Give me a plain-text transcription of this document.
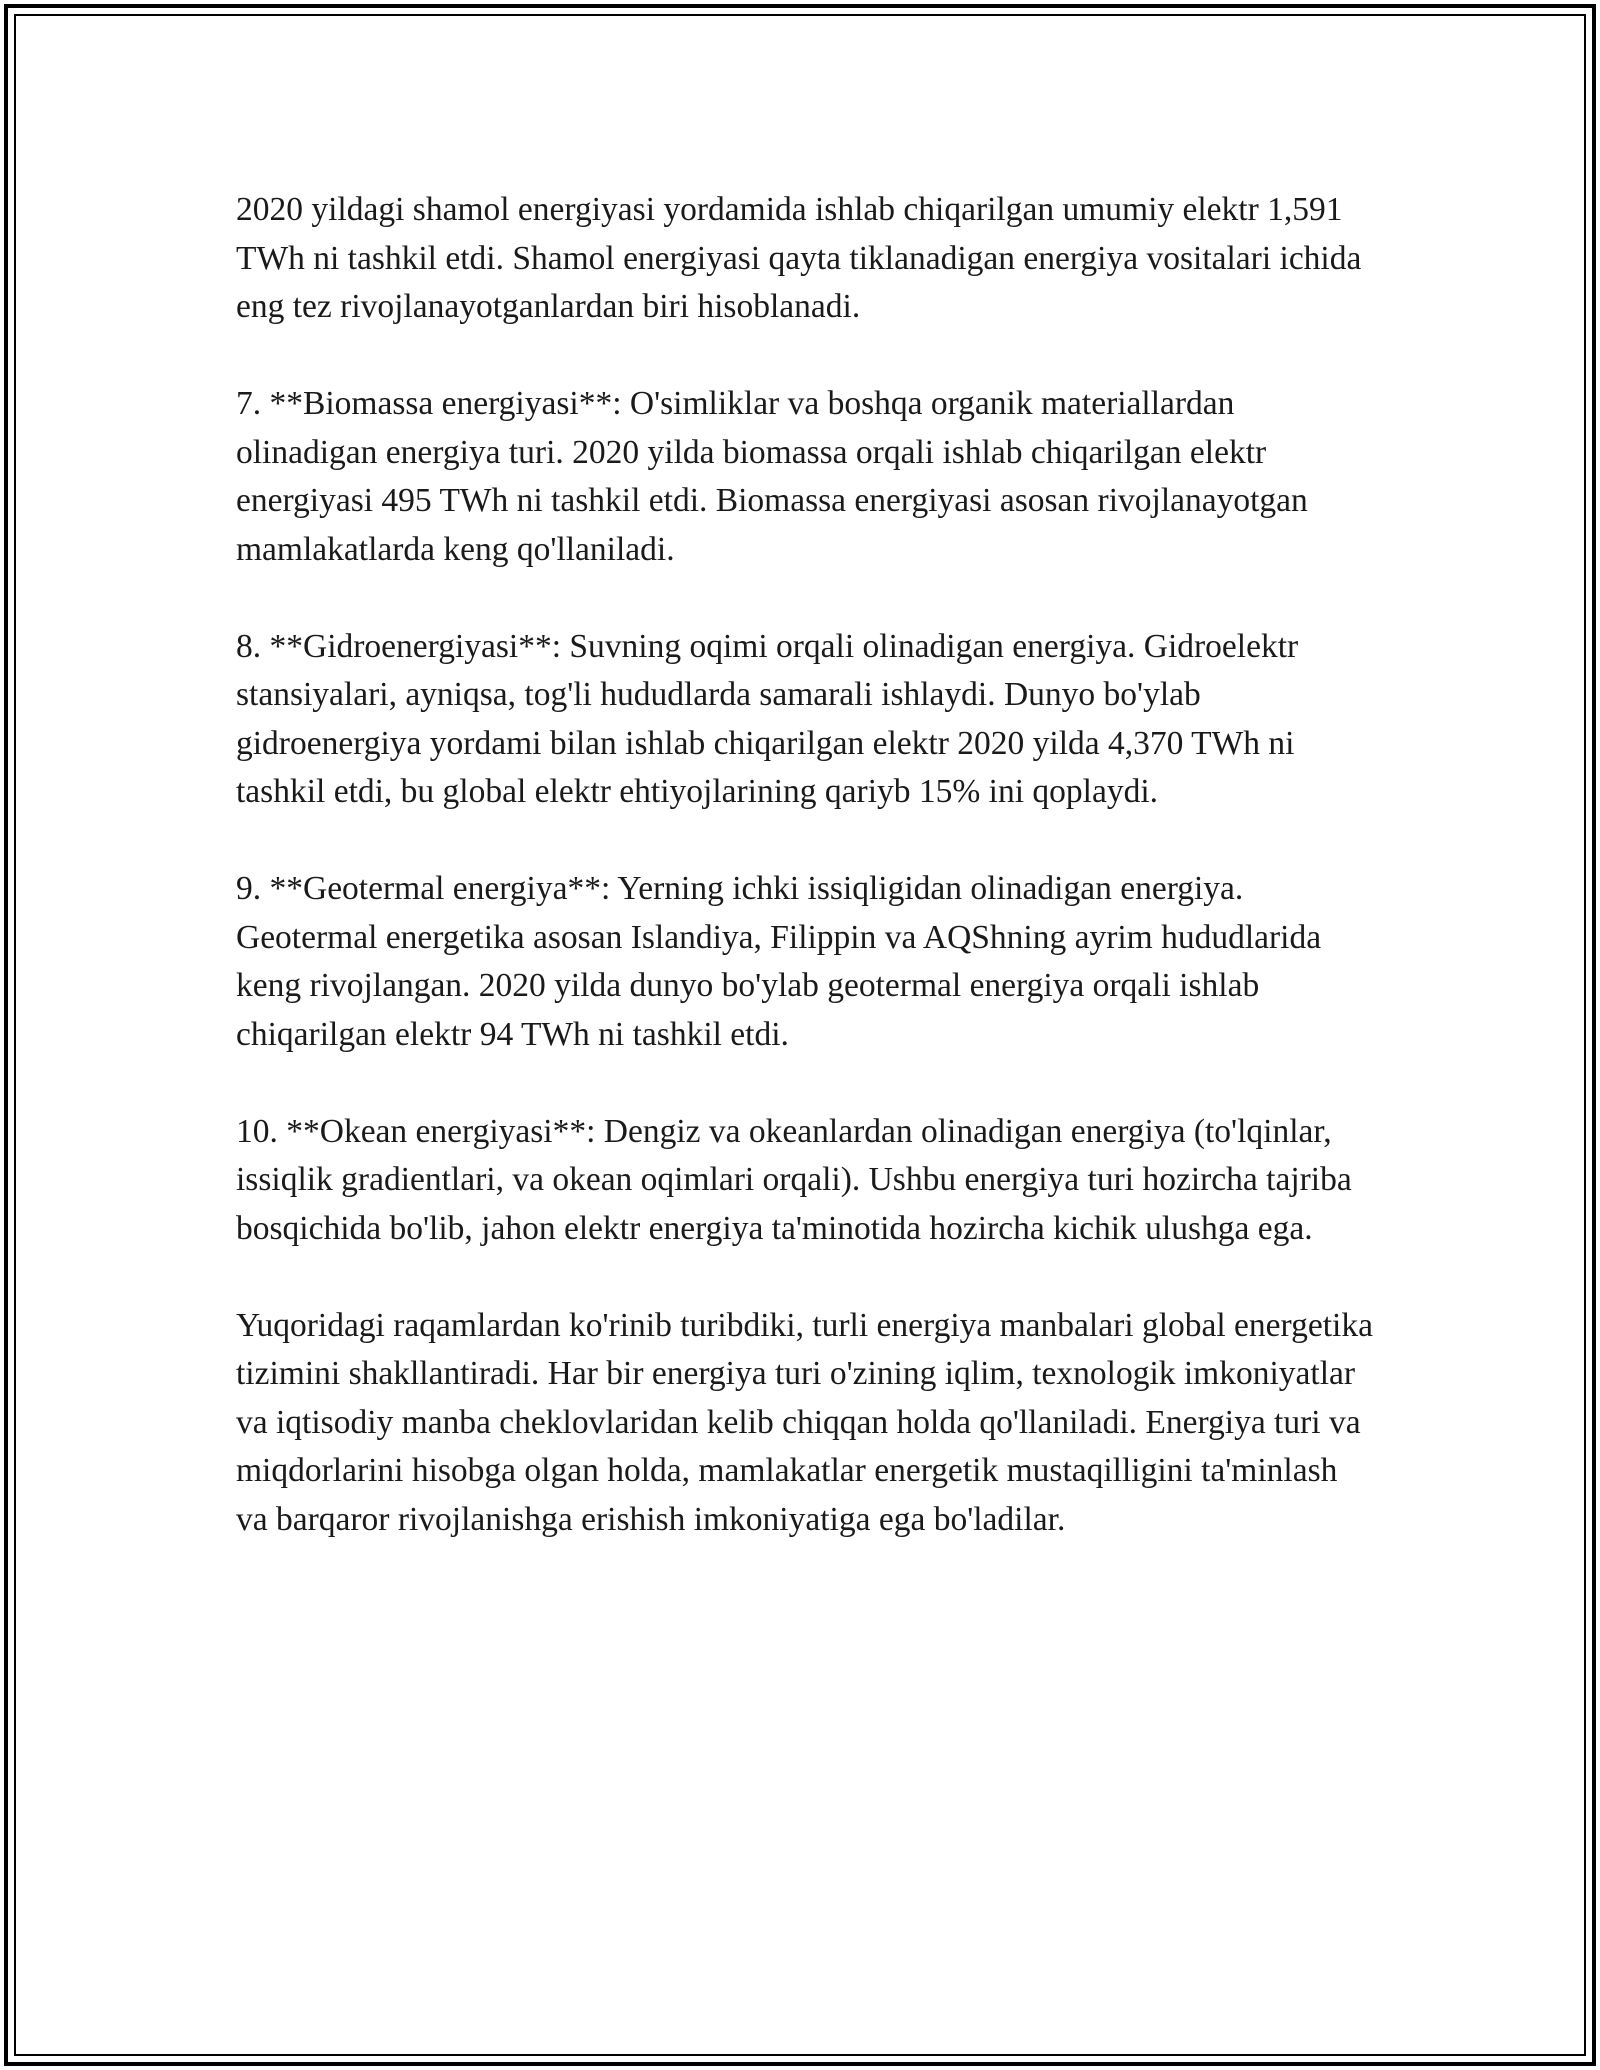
2020 yildagi shamol energiyasi yordamida ishlab chiqarilgan umumiy elektr 1,591 TWh ni tashkil etdi. Shamol energiyasi qayta tiklanadigan energiya vositalari ichida eng tez rivojlanayotganlardan biri hisoblanadi.

7. **Biomassa energiyasi**: O'simliklar va boshqa organik materiallardan olinadigan energiya turi. 2020 yilda biomassa orqali ishlab chiqarilgan elektr energiyasi 495 TWh ni tashkil etdi. Biomassa energiyasi asosan rivojlanayotgan mamlakatlarda keng qo'llaniladi.

8. **Gidroenergiyasi**: Suvning oqimi orqali olinadigan energiya. Gidroelektr stansiyalari, ayniqsa, tog'li hududlarda samarali ishlaydi. Dunyo bo'ylab gidroenergiya yordami bilan ishlab chiqarilgan elektr 2020 yilda 4,370 TWh ni tashkil etdi, bu global elektr ehtiyojlarining qariyb 15% ini qoplaydi.

9. **Geotermal energiya**: Yerning ichki issiqligidan olinadigan energiya. Geotermal energetika asosan Islandiya, Filippin va AQShning ayrim hududlarida keng rivojlangan. 2020 yilda dunyo bo'ylab geotermal energiya orqali ishlab chiqarilgan elektr 94 TWh ni tashkil etdi.

10. **Okean energiyasi**: Dengiz va okeanlardan olinadigan energiya (to'lqinlar, issiqlik gradientlari, va okean oqimlari orqali). Ushbu energiya turi hozircha tajriba bosqichida bo'lib, jahon elektr energiya ta'minotida hozircha kichik ulushga ega.

Yuqoridagi raqamlardan ko'rinib turibdiki, turli energiya manbalari global energetika tizimini shakllantiradi. Har bir energiya turi o'zining iqlim, texnologik imkoniyatlar va iqtisodiy manba cheklovlaridan kelib chiqqan holda qo'llaniladi. Energiya turi va miqdorlarini hisobga olgan holda, mamlakatlar energetik mustaqilligini ta'minlash va barqaror rivojlanishga erishish imkoniyatiga ega bo'ladilar.
